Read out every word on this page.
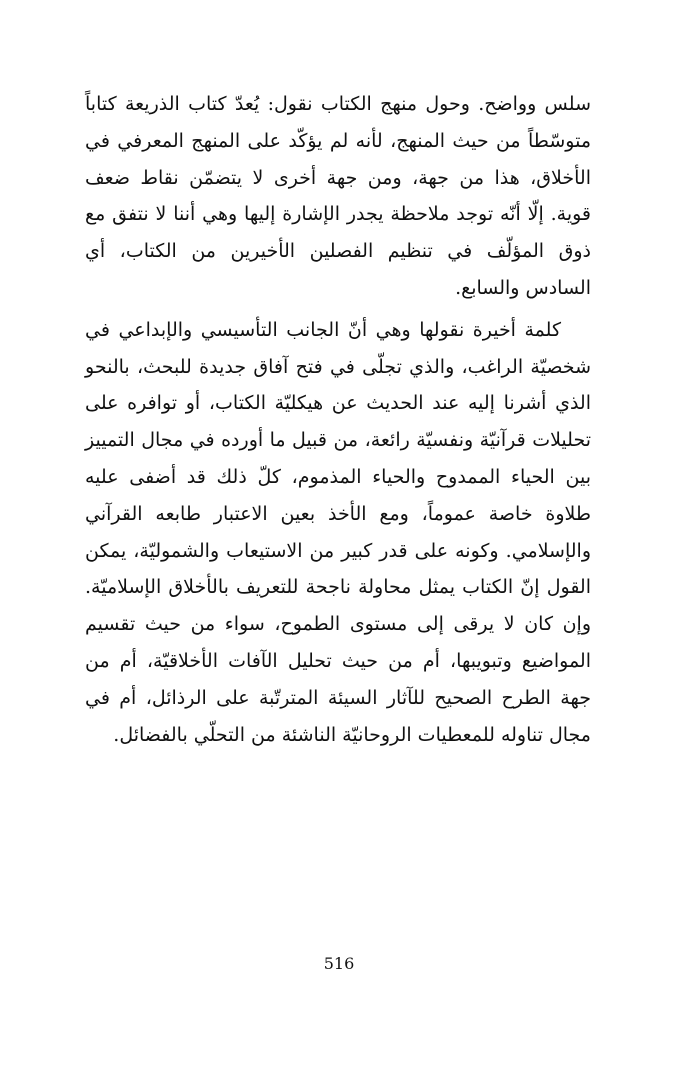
سلس وواضح. وحول منهج الكتاب نقول: يُعدّ كتاب الذريعة كتاباً متوسّطاً من حيث المنهج، لأنه لم يؤكّد على المنهج المعرفي في الأخلاق، هذا من جهة، ومن جهة أخرى لا يتضمّن نقاط ضعف قوية. إلّا أنّه توجد ملاحظة يجدر الإشارة إليها وهي أننا لا نتفق مع ذوق المؤلّف في تنظيم الفصلين الأخيرين من الكتاب، أي السادس والسابع.

كلمة أخيرة نقولها وهي أنّ الجانب التأسيسي والإبداعي في شخصيّة الراغب، والذي تجلّى في فتح آفاق جديدة للبحث، بالنحو الذي أشرنا إليه عند الحديث عن هيكليّة الكتاب، أو توافره على تحليلات قرآنيّة ونفسيّة رائعة، من قبيل ما أورده في مجال التمييز بين الحياء الممدوح والحياء المذموم، كلّ ذلك قد أضفى عليه طلاوة خاصة عموماً، ومع الأخذ بعين الاعتبار طابعه القرآني والإسلامي. وكونه على قدر كبير من الاستيعاب والشموليّة، يمكن القول إنّ الكتاب يمثل محاولة ناجحة للتعريف بالأخلاق الإسلاميّة. وإن كان لا يرقى إلى مستوى الطموح، سواء من حيث تقسيم المواضيع وتبويبها، أم من حيث تحليل الآفات الأخلاقيّة، أم من جهة الطرح الصحيح للآثار السيئة المترتّبة على الرذائل، أم في مجال تناوله للمعطيات الروحانيّة الناشئة من التحلّي بالفضائل.

516
